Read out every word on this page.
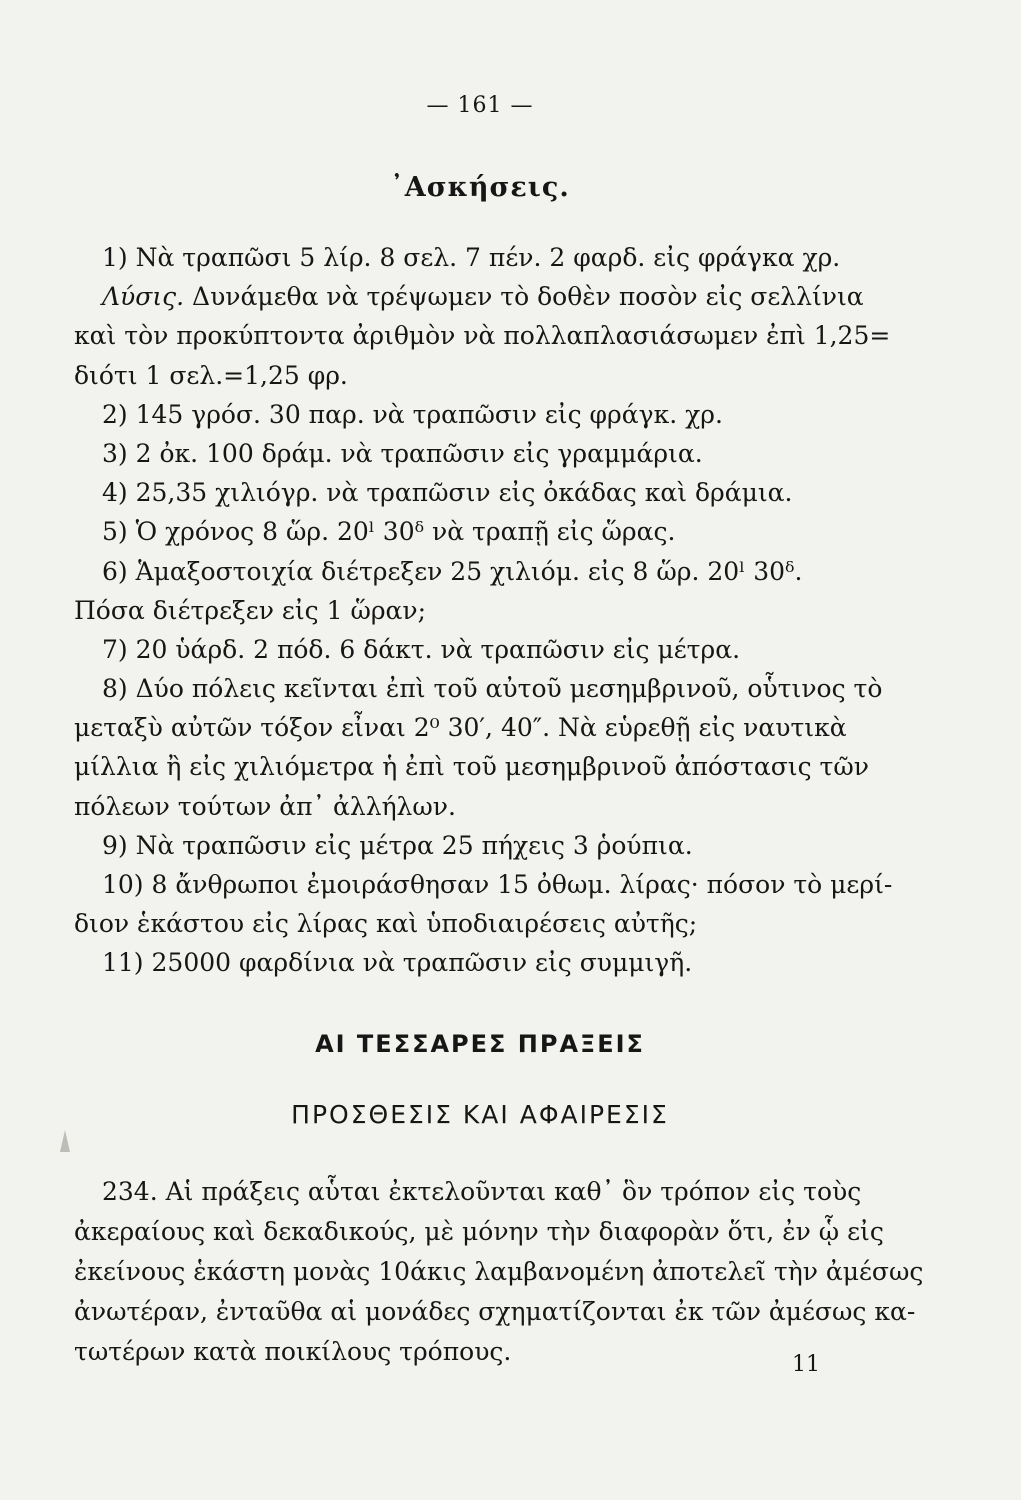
— 161 —
᾿Ασκήσεις.
1) Νὰ τραπῶσι 5 λίρ. 8 σελ. 7 πέν. 2 φαρδ. εἰς φράγκα χρ.
Λύσις. Δυνάμεθα νὰ τρέψωμεν τὸ δοθὲν ποσὸν εἰς σελλίνια
καὶ τὸν προκύπτοντα ἀριθμὸν νὰ πολλαπλασιάσωμεν ἐπὶ 1,25=
διότι 1 σελ.=1,25 φρ.
2) 145 γρόσ. 30 παρ. νὰ τραπῶσιν εἰς φράγκ. χρ.
3) 2 ὀκ. 100 δράμ. νὰ τραπῶσιν εἰς γραμμάρια.
4) 25,35 χιλιόγρ. νὰ τραπῶσιν εἰς ὀκάδας καὶ δράμια.
5) Ὁ χρόνος 8 ὥρ. 20ˡ 30ᵟ νὰ τραπῇ εἰς ὥρας.
6) Ἁμαξοστοιχία διέτρεξεν 25 χιλιόμ. εἰς 8 ὥρ. 20ˡ 30ᵟ.
Πόσα διέτρεξεν εἰς 1 ὥραν;
7) 20 ὑάρδ. 2 πόδ. 6 δάκτ. νὰ τραπῶσιν εἰς μέτρα.
8) Δύο πόλεις κεῖνται ἐπὶ τοῦ αὐτοῦ μεσημβρινοῦ, οὗτινος τὸ
μεταξὺ αὐτῶν τόξον εἶναι 2⁰ 30′, 40″. Νὰ εὑρεθῇ εἰς ναυτικὰ
μίλλια ἢ εἰς χιλιόμετρα ἡ ἐπὶ τοῦ μεσημβρινοῦ ἀπόστασις τῶν
πόλεων τούτων ἀπ᾿ ἀλλήλων.
9) Νὰ τραπῶσιν εἰς μέτρα 25 πήχεις 3 ῥούπια.
10) 8 ἄνθρωποι ἐμοιράσθησαν 15 ὀθωμ. λίρας· πόσον τὸ μερί-
διον ἑκάστου εἰς λίρας καὶ ὑποδιαιρέσεις αὐτῆς;
11) 25000 φαρδίνια νὰ τραπῶσιν εἰς συμμιγῆ.
ΑΙ ΤΕΣΣΑΡΕΣ ΠΡΑΞΕΙΣ
ΠΡΟΣΘΕΣΙΣ ΚΑΙ ΑΦΑΙΡΕΣΙΣ
234. Αἱ πράξεις αὗται ἐκτελοῦνται καθ᾿ ὃν τρόπον εἰς τοὺς
ἀκεραίους καὶ δεκαδικούς, μὲ μόνην τὴν διαφορὰν ὅτι, ἐν ᾧ εἰς
ἐκείνους ἑκάστη μονὰς 10άκις λαμβανομένη ἀποτελεῖ τὴν ἀμέσως
ἀνωτέραν, ἐνταῦθα αἱ μονάδες σχηματίζονται ἐκ τῶν ἀμέσως κα-
τωτέρων κατὰ ποικίλους τρόπους.	11
